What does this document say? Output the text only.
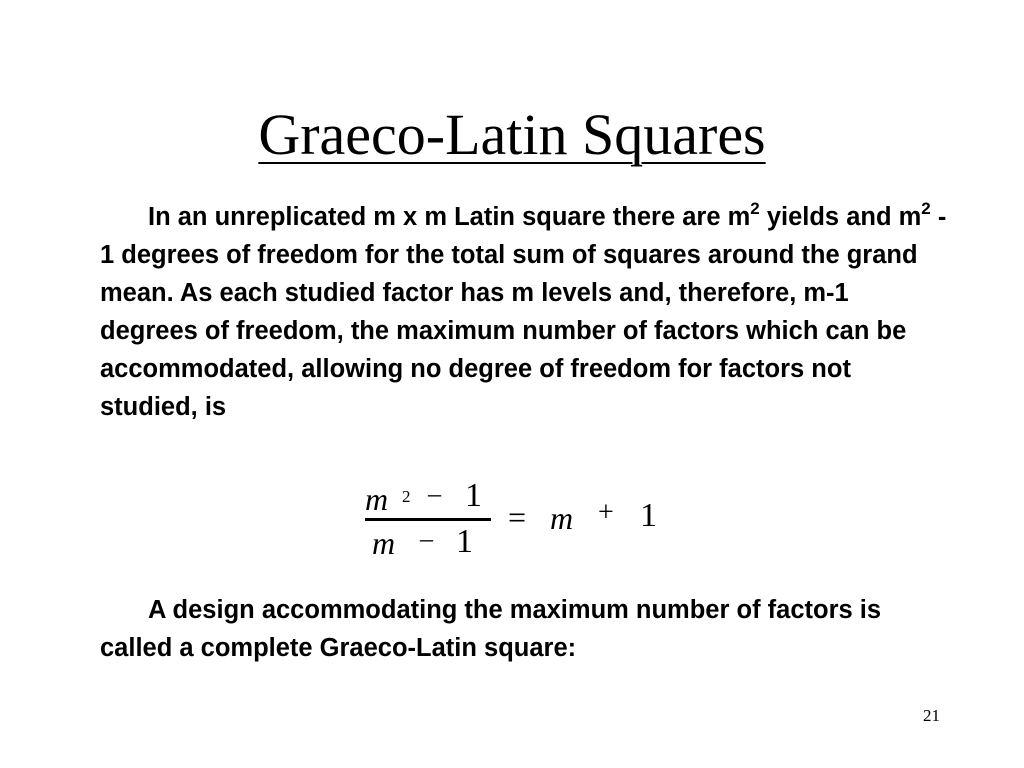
Graeco-Latin Squares

In an unreplicated m x m Latin square there are $m^2$ yields and $m^2 - 1$ degrees of freedom for the total sum of squares around the grand mean. As each studied factor has m levels and, therefore, m-1 degrees of freedom, the maximum number of factors which can be accommodated, allowing no degree of freedom for factors not studied, is

m 2 – 1
m – 1
= m + 1

A design accommodating the maximum number of factors is called a complete Graeco-Latin square:

21
